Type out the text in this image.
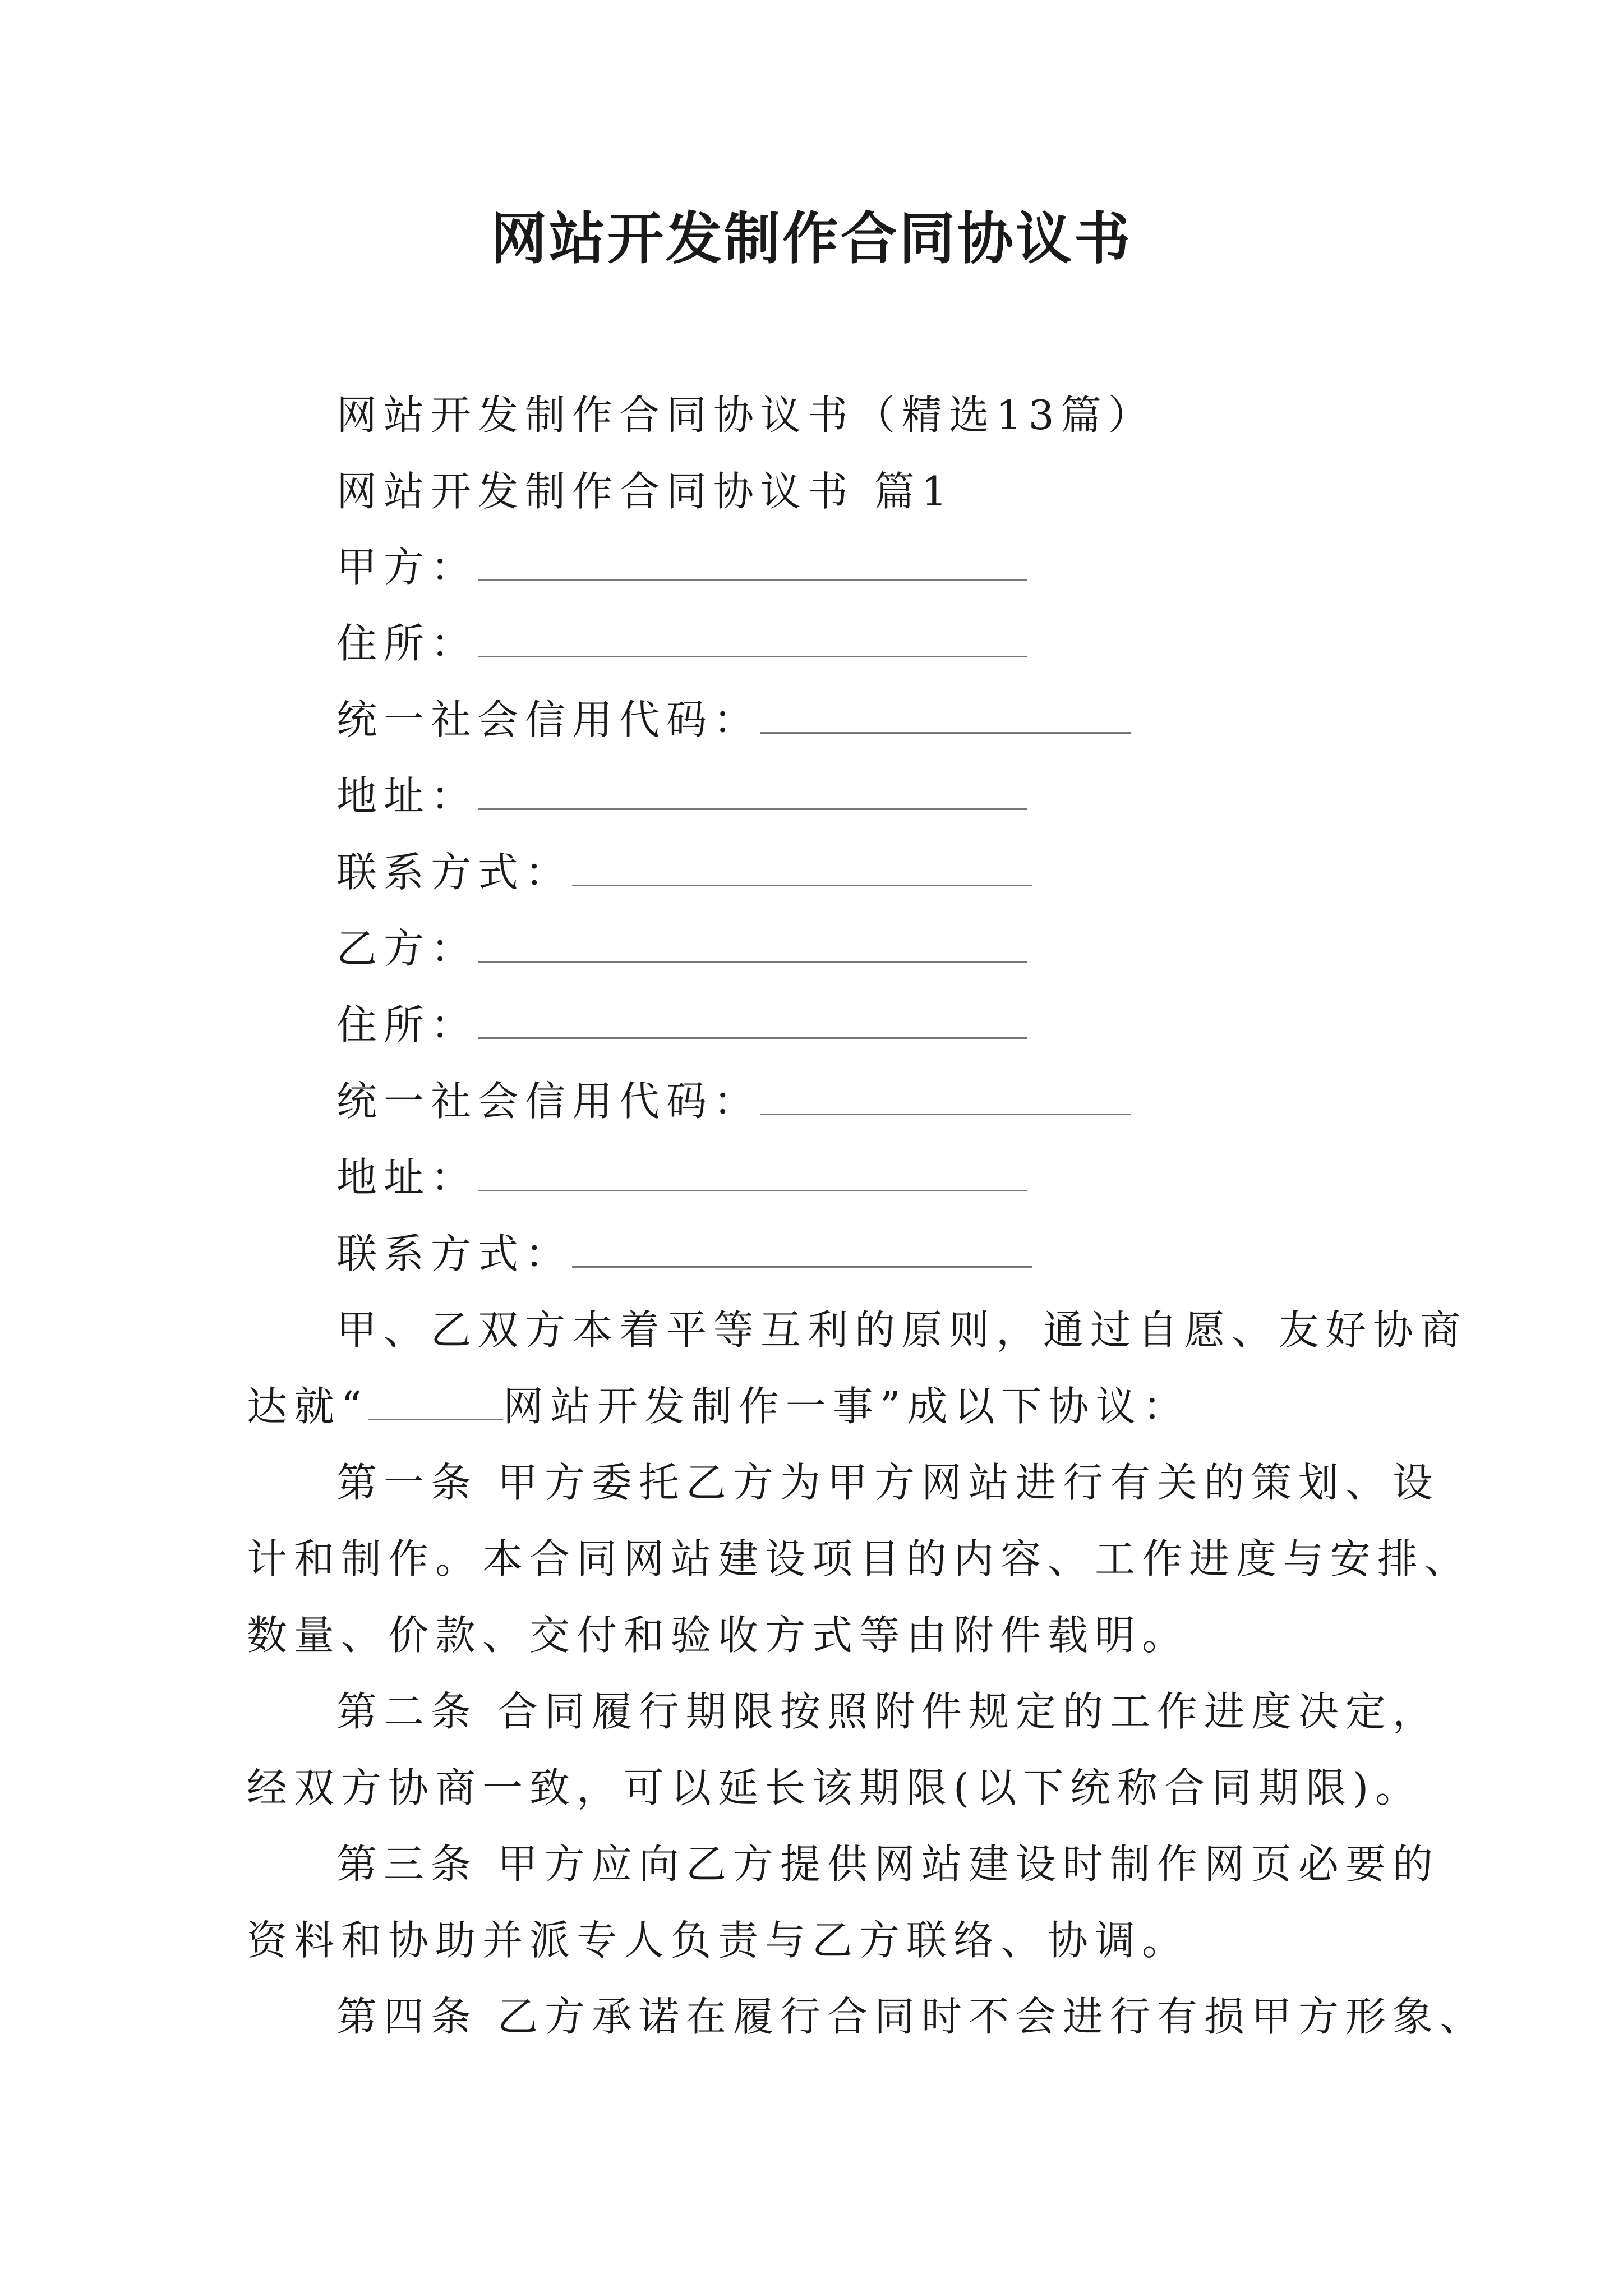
网站开发制作合同协议书
网站开发制作合同协议书（精选13篇）
网站开发制作合同协议书 篇1
甲方：
住所：
统一社会信用代码：
地址：
联系方式：
乙方：
住所：
统一社会信用代码：
地址：
联系方式：
甲、乙双方本着平等互利的原则，通过自愿、友好协商
达就“	网站开发制作一事”成以下协议：
第一条 甲方委托乙方为甲方网站进行有关的策划、设
计和制作。本合同网站建设项目的内容、工作进度与安排、
数量、价款、交付和验收方式等由附件载明。
第二条 合同履行期限按照附件规定的工作进度决定，
经双方协商一致，可以延长该期限(以下统称合同期限)。
第三条 甲方应向乙方提供网站建设时制作网页必要的
资料和协助并派专人负责与乙方联络、协调。
第四条 乙方承诺在履行合同时不会进行有损甲方形象、
